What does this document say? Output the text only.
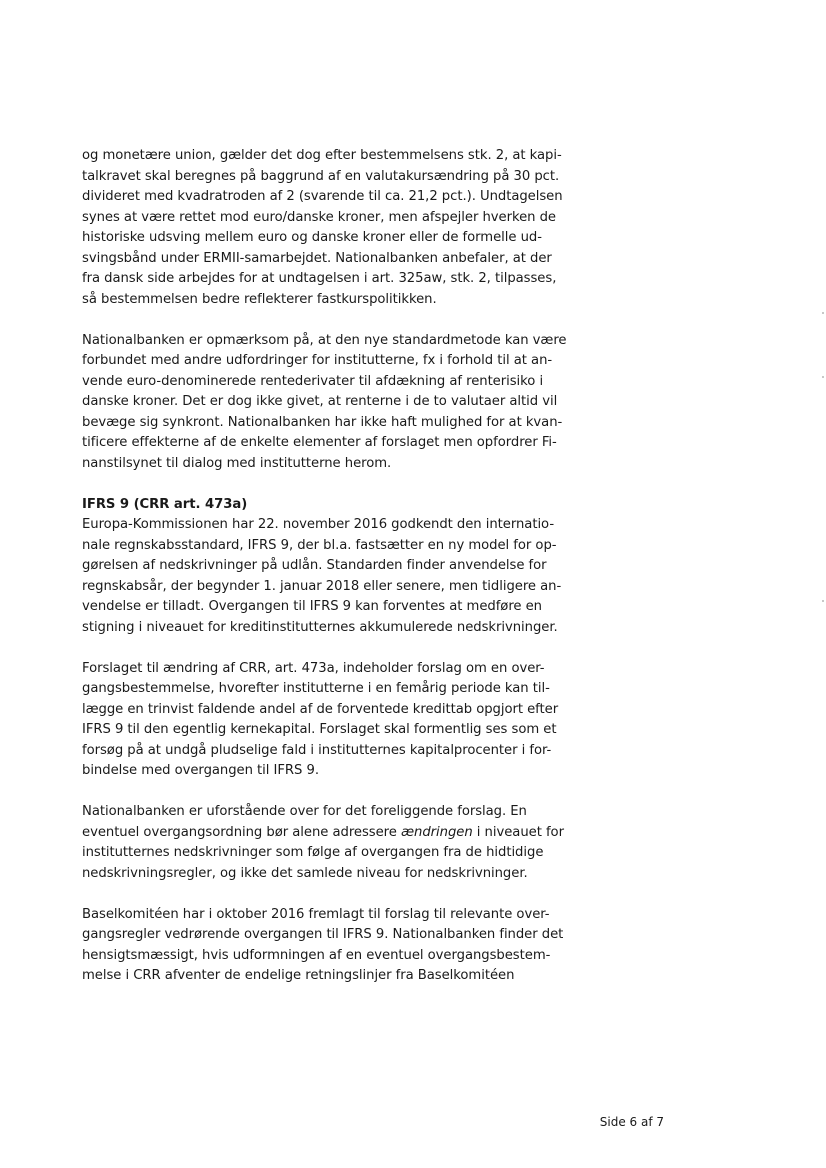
og monetære union, gælder det dog efter bestemmelsens stk. 2, at kapi-
talkravet skal beregnes på baggrund af en valutakursændring på 30 pct.
divideret med kvadratroden af 2 (svarende til ca. 21,2 pct.). Undtagelsen
synes at være rettet mod euro/danske kroner, men afspejler hverken de
historiske udsving mellem euro og danske kroner eller de formelle ud-
svingsbånd under ERMII-samarbejdet. Nationalbanken anbefaler, at der
fra dansk side arbejdes for at undtagelsen i art. 325aw, stk. 2, tilpasses,
så bestemmelsen bedre reflekterer fastkurspolitikken.
Nationalbanken er opmærksom på, at den nye standardmetode kan være
forbundet med andre udfordringer for institutterne, fx i forhold til at an-
vende euro-denominerede rentederivater til afdækning af renterisiko i
danske kroner. Det er dog ikke givet, at renterne i de to valutaer altid vil
bevæge sig synkront. Nationalbanken har ikke haft mulighed for at kvan-
tificere effekterne af de enkelte elementer af forslaget men opfordrer Fi-
nanstilsynet til dialog med institutterne herom.
IFRS 9 (CRR art. 473a)
Europa-Kommissionen har 22. november 2016 godkendt den internatio-
nale regnskabsstandard, IFRS 9, der bl.a. fastsætter en ny model for op-
gørelsen af nedskrivninger på udlån. Standarden finder anvendelse for
regnskabsår, der begynder 1. januar 2018 eller senere, men tidligere an-
vendelse er tilladt. Overgangen til IFRS 9 kan forventes at medføre en
stigning i niveauet for kreditinstitutternes akkumulerede nedskrivninger.
Forslaget til ændring af CRR, art. 473a, indeholder forslag om en over-
gangsbestemmelse, hvorefter institutterne i en femårig periode kan til-
lægge en trinvist faldende andel af de forventede kredittab opgjort efter
IFRS 9 til den egentlig kernekapital. Forslaget skal formentlig ses som et
forsøg på at undgå pludselige fald i institutternes kapitalprocenter i for-
bindelse med overgangen til IFRS 9.
Nationalbanken er uforstående over for det foreliggende forslag. En
eventuel overgangsordning bør alene adressere ændringen i niveauet for
institutternes nedskrivninger som følge af overgangen fra de hidtidige
nedskrivningsregler, og ikke det samlede niveau for nedskrivninger.
Baselkomitéen har i oktober 2016 fremlagt til forslag til relevante over-
gangsregler vedrørende overgangen til IFRS 9. Nationalbanken finder det
hensigtsmæssigt, hvis udformningen af en eventuel overgangsbestem-
melse i CRR afventer de endelige retningslinjer fra Baselkomitéen
Side 6 af 7
